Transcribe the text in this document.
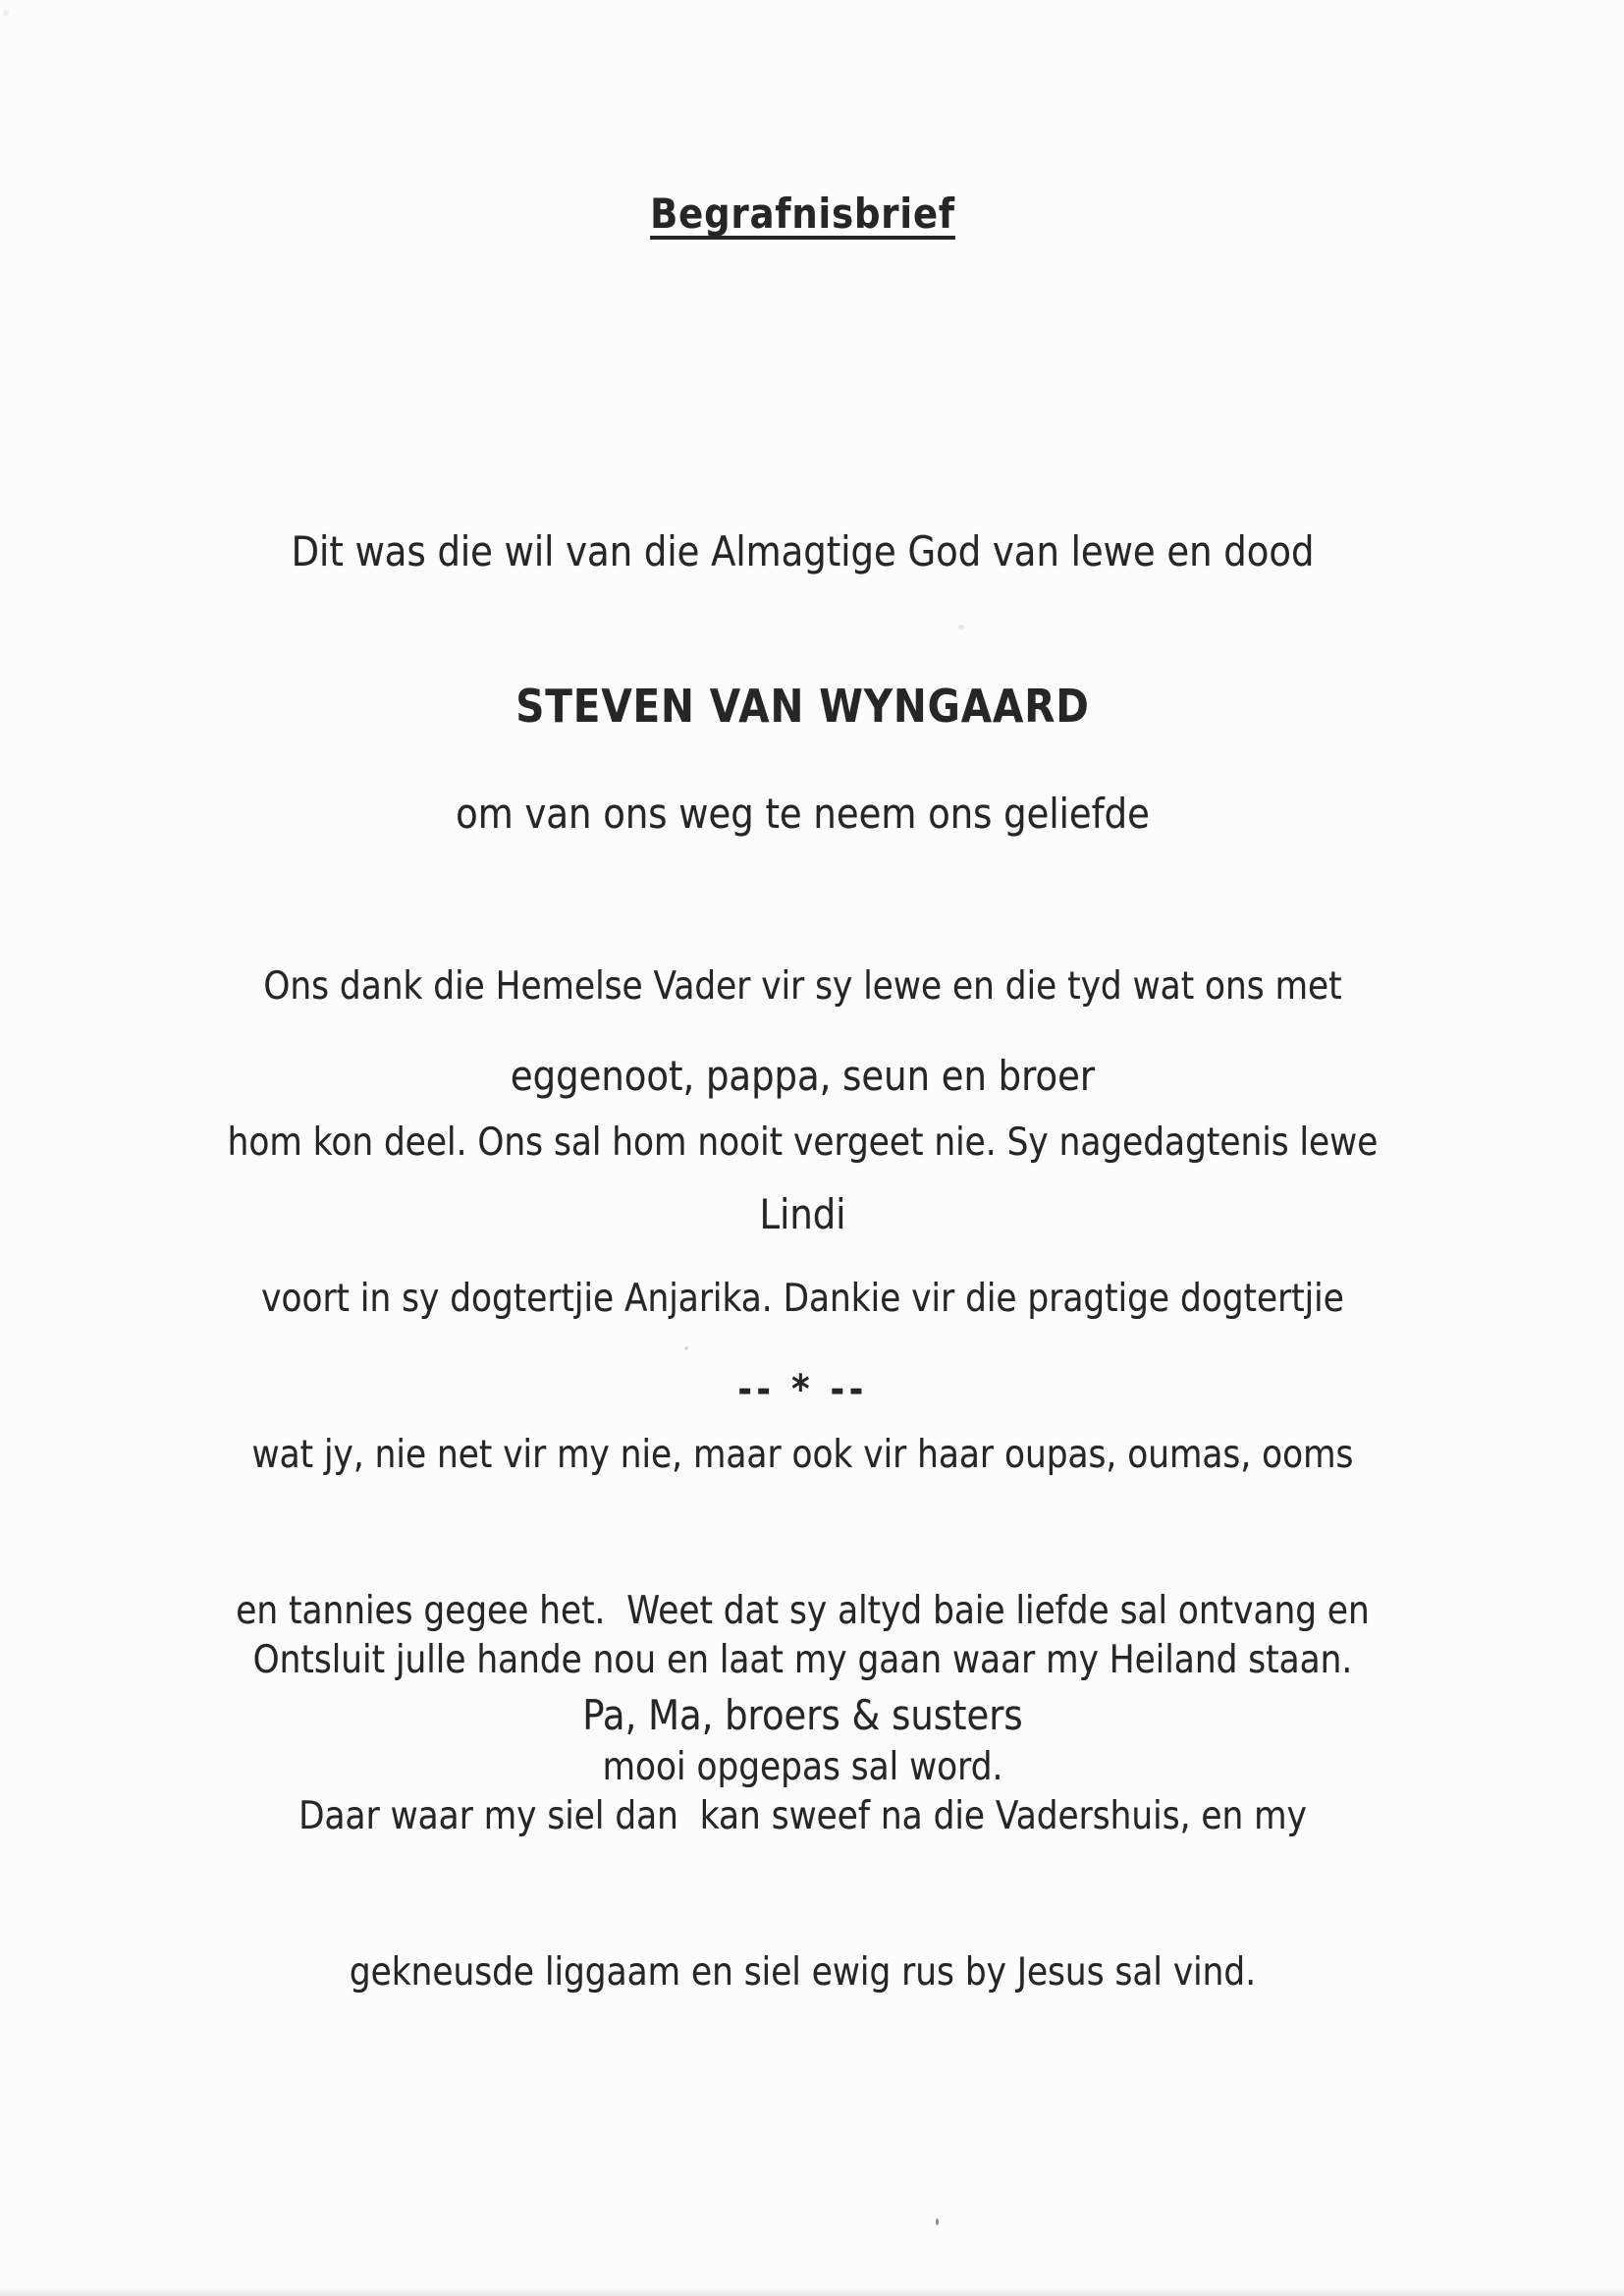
Begrafnisbrief

Dit was die wil van die Almagtige God van lewe en dood

om van ons weg te neem ons geliefde

eggenoot, pappa, seun en broer

STEVEN VAN WYNGAARD

Ons dank die Hemelse Vader vir sy lewe en die tyd wat ons met

hom kon deel. Ons sal hom nooit vergeet nie. Sy nagedagtenis lewe

voort in sy dogtertjie Anjarika. Dankie vir die pragtige dogtertjie

wat jy, nie net vir my nie, maar ook vir haar oupas, oumas, ooms

en tannies gegee het.  Weet dat sy altyd baie liefde sal ontvang en

mooi opgepas sal word.

Lindi
-- * --

Ontsluit julle hande nou en laat my gaan waar my Heiland staan.

Daar waar my siel dan  kan sweef na die Vadershuis, en my

gekneusde liggaam en siel ewig rus by Jesus sal vind.

Pa, Ma, broers & susters
